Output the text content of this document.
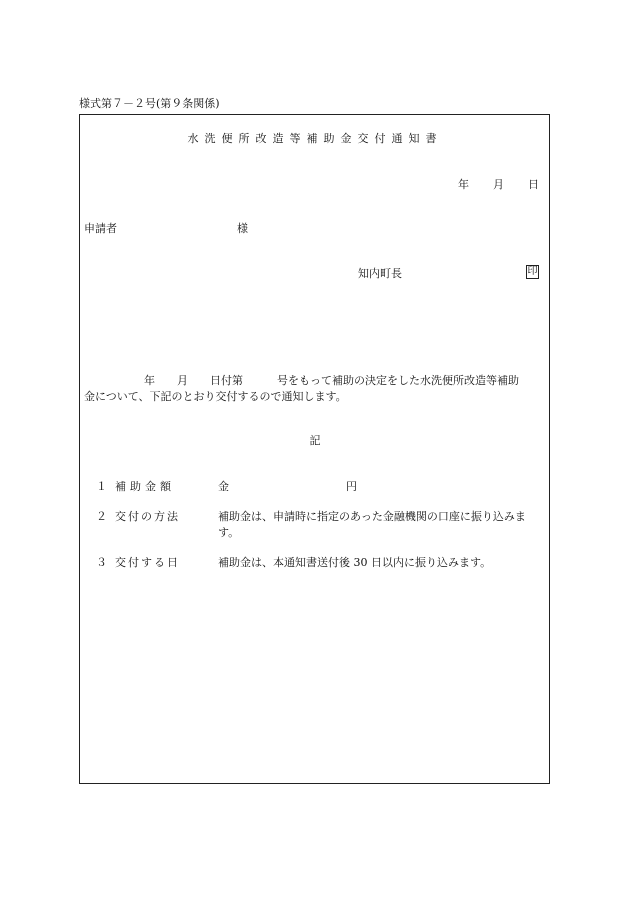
様式第７－２号(第９条関係)
水洗便所改造等補助金交付通知書
年 月 日
申請者	様
知内町長	印
年 月 日付第	号をもって補助の決定をした水洗便所改造等補助
金について、下記のとおり交付するので通知します。
記
１ 補助金額	金	円
２ 交付の方法	補助金は、申請時に指定のあった金融機関の口座に振り込みま
す。
３ 交付する日	補助金は、本通知書送付後 30 日以内に振り込みます。
